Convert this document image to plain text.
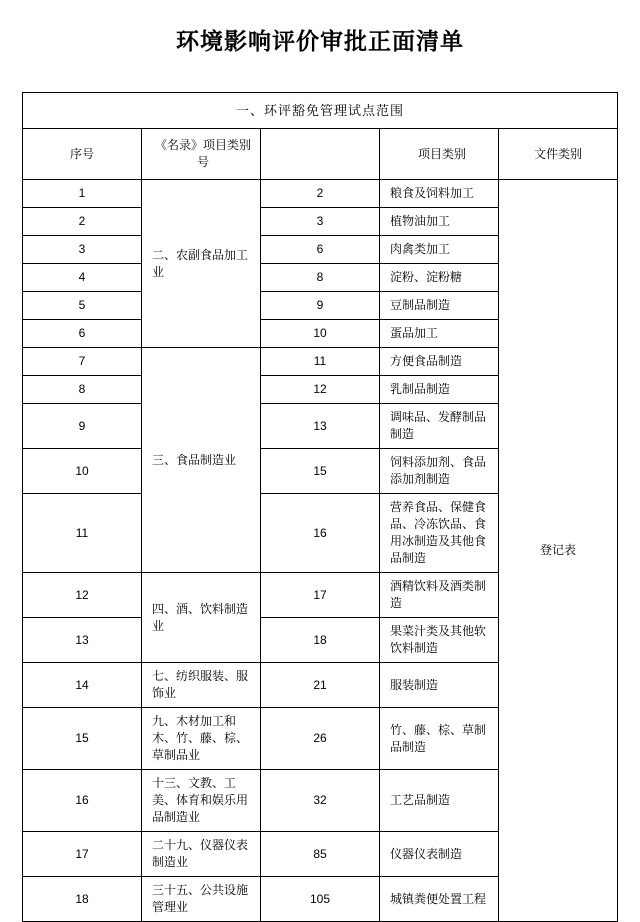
环境影响评价审批正面清单
一、环评豁免管理试点范围				
序号	《名录》项目类别号		项目类别	文件类别
1	二、农副食品加工业	2	粮食及饲料加工	登记表
2		3	植物油加工	
3		6	肉禽类加工	
4		8	淀粉、淀粉糖	
5		9	豆制品制造	
6		10	蛋品加工	
7	三、食品制造业	11	方便食品制造	
8		12	乳制品制造	
9		13	调味品、发酵制品制造	
10		15	饲料添加剂、食品添加剂制造	
11		16	营养食品、保健食品、冷冻饮品、食用冰制造及其他食品制造	
12	四、酒、饮料制造业	17	酒精饮料及酒类制造	
13		18	果菜汁类及其他软饮料制造	
14	七、纺织服装、服饰业	21	服装制造	
15	九、木材加工和木、竹、藤、棕、草制品业	26	竹、藤、棕、草制品制造	
16	十三、文教、工美、体育和娱乐用品制造业	32	工艺品制造	
17	二十九、仪器仪表制造业	85	仪器仪表制造	
18	三十五、公共设施管理业	105	城镇粪便处置工程	
